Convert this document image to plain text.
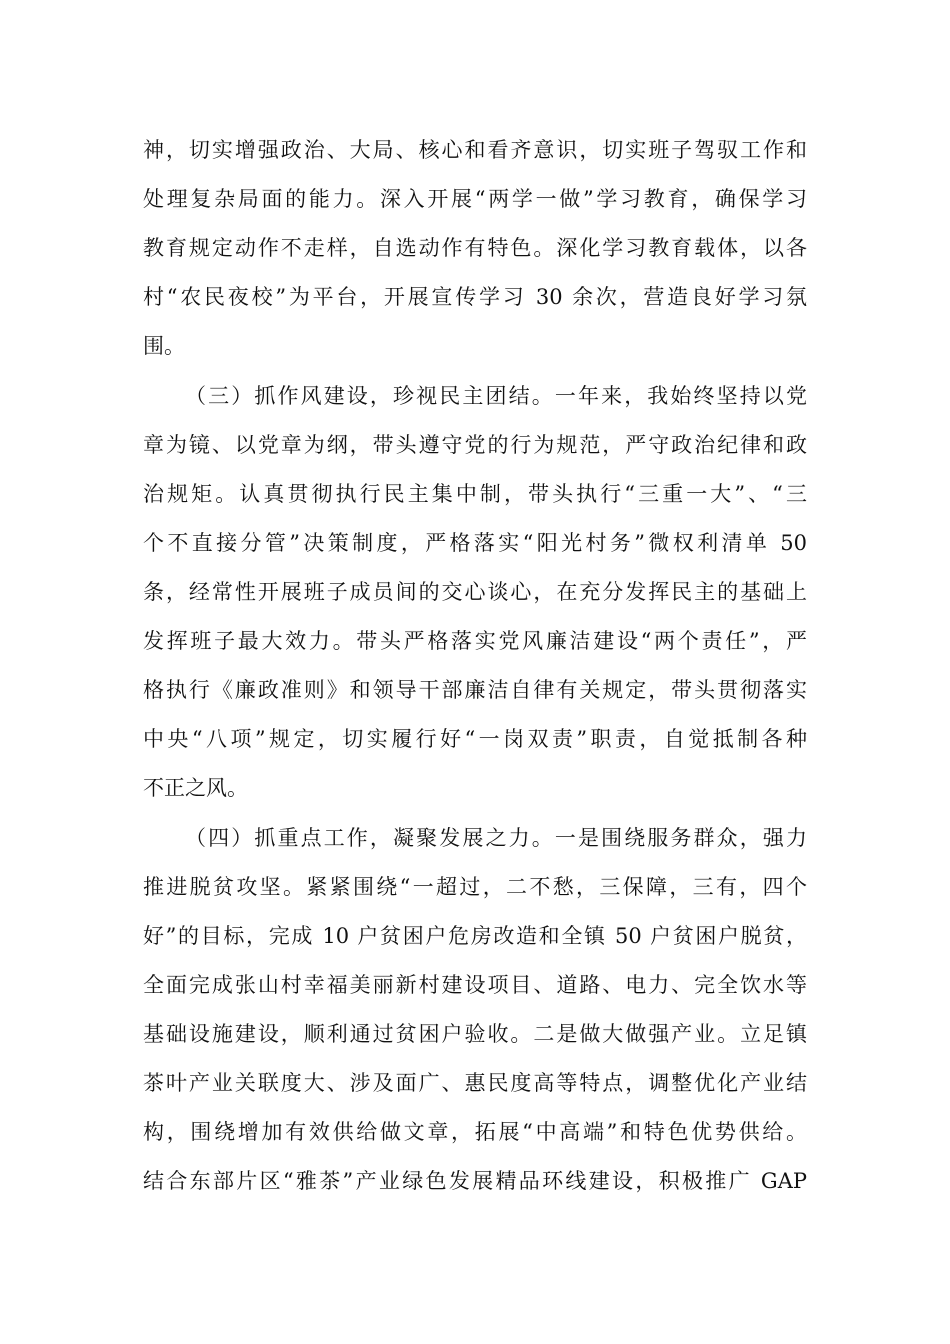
神，切实增强政治、大局、核心和看齐意识，切实班子驾驭工作和
处理复杂局面的能力。深入开展“两学一做”学习教育，确保学习
教育规定动作不走样，自选动作有特色。深化学习教育载体，以各
村“农民夜校”为平台，开展宣传学习 30 余次，营造良好学习氛
围。
（三）抓作风建设，珍视民主团结。一年来，我始终坚持以党
章为镜、以党章为纲，带头遵守党的行为规范，严守政治纪律和政
治规矩。认真贯彻执行民主集中制，带头执行“三重一大”、“三
个不直接分管”决策制度，严格落实“阳光村务”微权利清单 50
条，经常性开展班子成员间的交心谈心，在充分发挥民主的基础上
发挥班子最大效力。带头严格落实党风廉洁建设“两个责任”，严
格执行《廉政准则》和领导干部廉洁自律有关规定，带头贯彻落实
中央“八项”规定，切实履行好“一岗双责”职责，自觉抵制各种
不正之风。
（四）抓重点工作，凝聚发展之力。一是围绕服务群众，强力
推进脱贫攻坚。紧紧围绕“一超过，二不愁，三保障，三有，四个
好”的目标，完成 10 户贫困户危房改造和全镇 50 户贫困户脱贫，
全面完成张山村幸福美丽新村建设项目、道路、电力、完全饮水等
基础设施建设，顺利通过贫困户验收。二是做大做强产业。立足镇
茶叶产业关联度大、涉及面广、惠民度高等特点，调整优化产业结
构，围绕增加有效供给做文章，拓展“中高端”和特色优势供给。
结合东部片区“雅茶”产业绿色发展精品环线建设，积极推广 GAP
